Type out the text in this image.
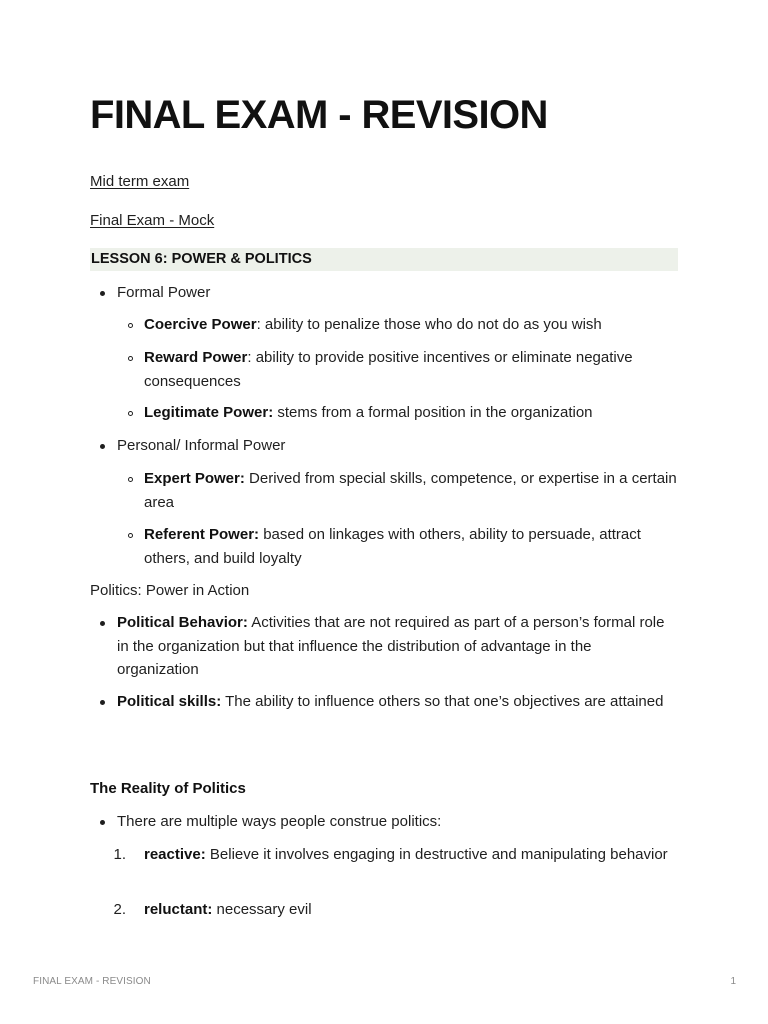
FINAL EXAM - REVISION
Mid term exam
Final Exam - Mock
LESSON 6: POWER & POLITICS
Formal Power
Coercive Power: ability to penalize those who do not do as you wish
Reward Power: ability to provide positive incentives or eliminate negative consequences
Legitimate Power: stems from a formal position in the organization
Personal/ Informal Power
Expert Power: Derived from special skills, competence, or expertise in a certain area
Referent Power: based on linkages with others, ability to persuade, attract others, and build loyalty
Politics: Power in Action
Political Behavior: Activities that are not required as part of a person’s formal role in the organization but that influence the distribution of advantage in the organization
Political skills: The ability to influence others so that one’s objectives are attained
The Reality of Politics
There are multiple ways people construe politics:
1. reactive: Believe it involves engaging in destructive and manipulating behavior
2. reluctant: necessary evil
FINAL EXAM - REVISION	1
